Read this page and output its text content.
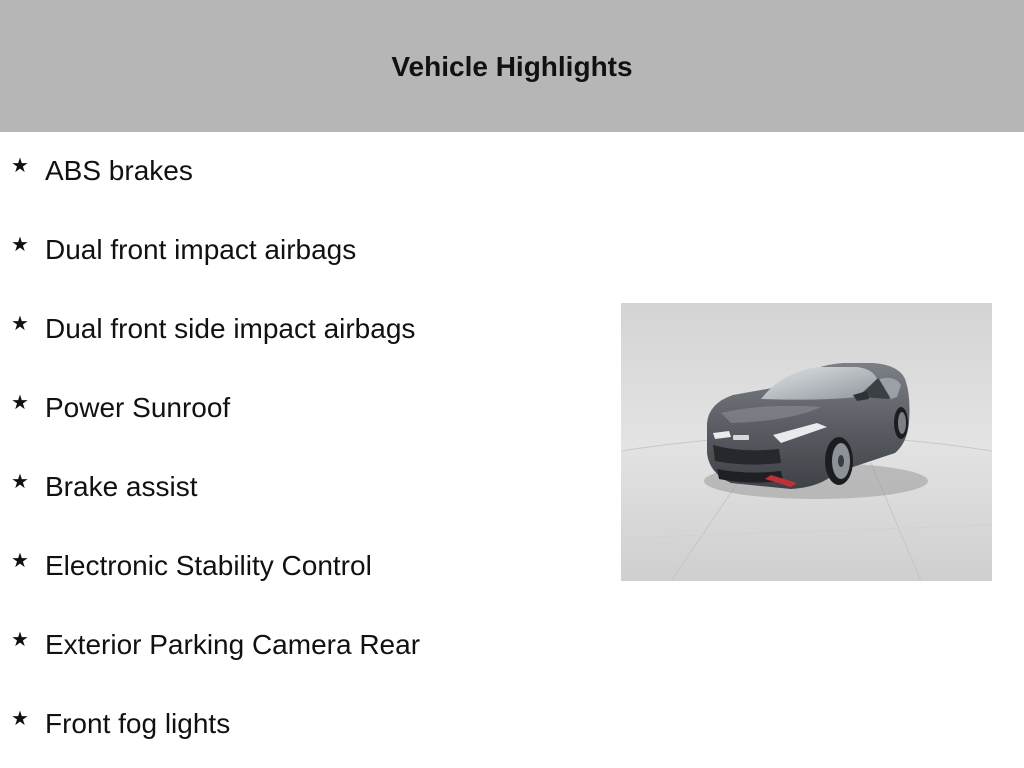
Vehicle Highlights
★ ABS brakes
★ Dual front impact airbags
★ Dual front side impact airbags
★ Power Sunroof
★ Brake assist
★ Electronic Stability Control
★ Exterior Parking Camera Rear
★ Front fog lights
